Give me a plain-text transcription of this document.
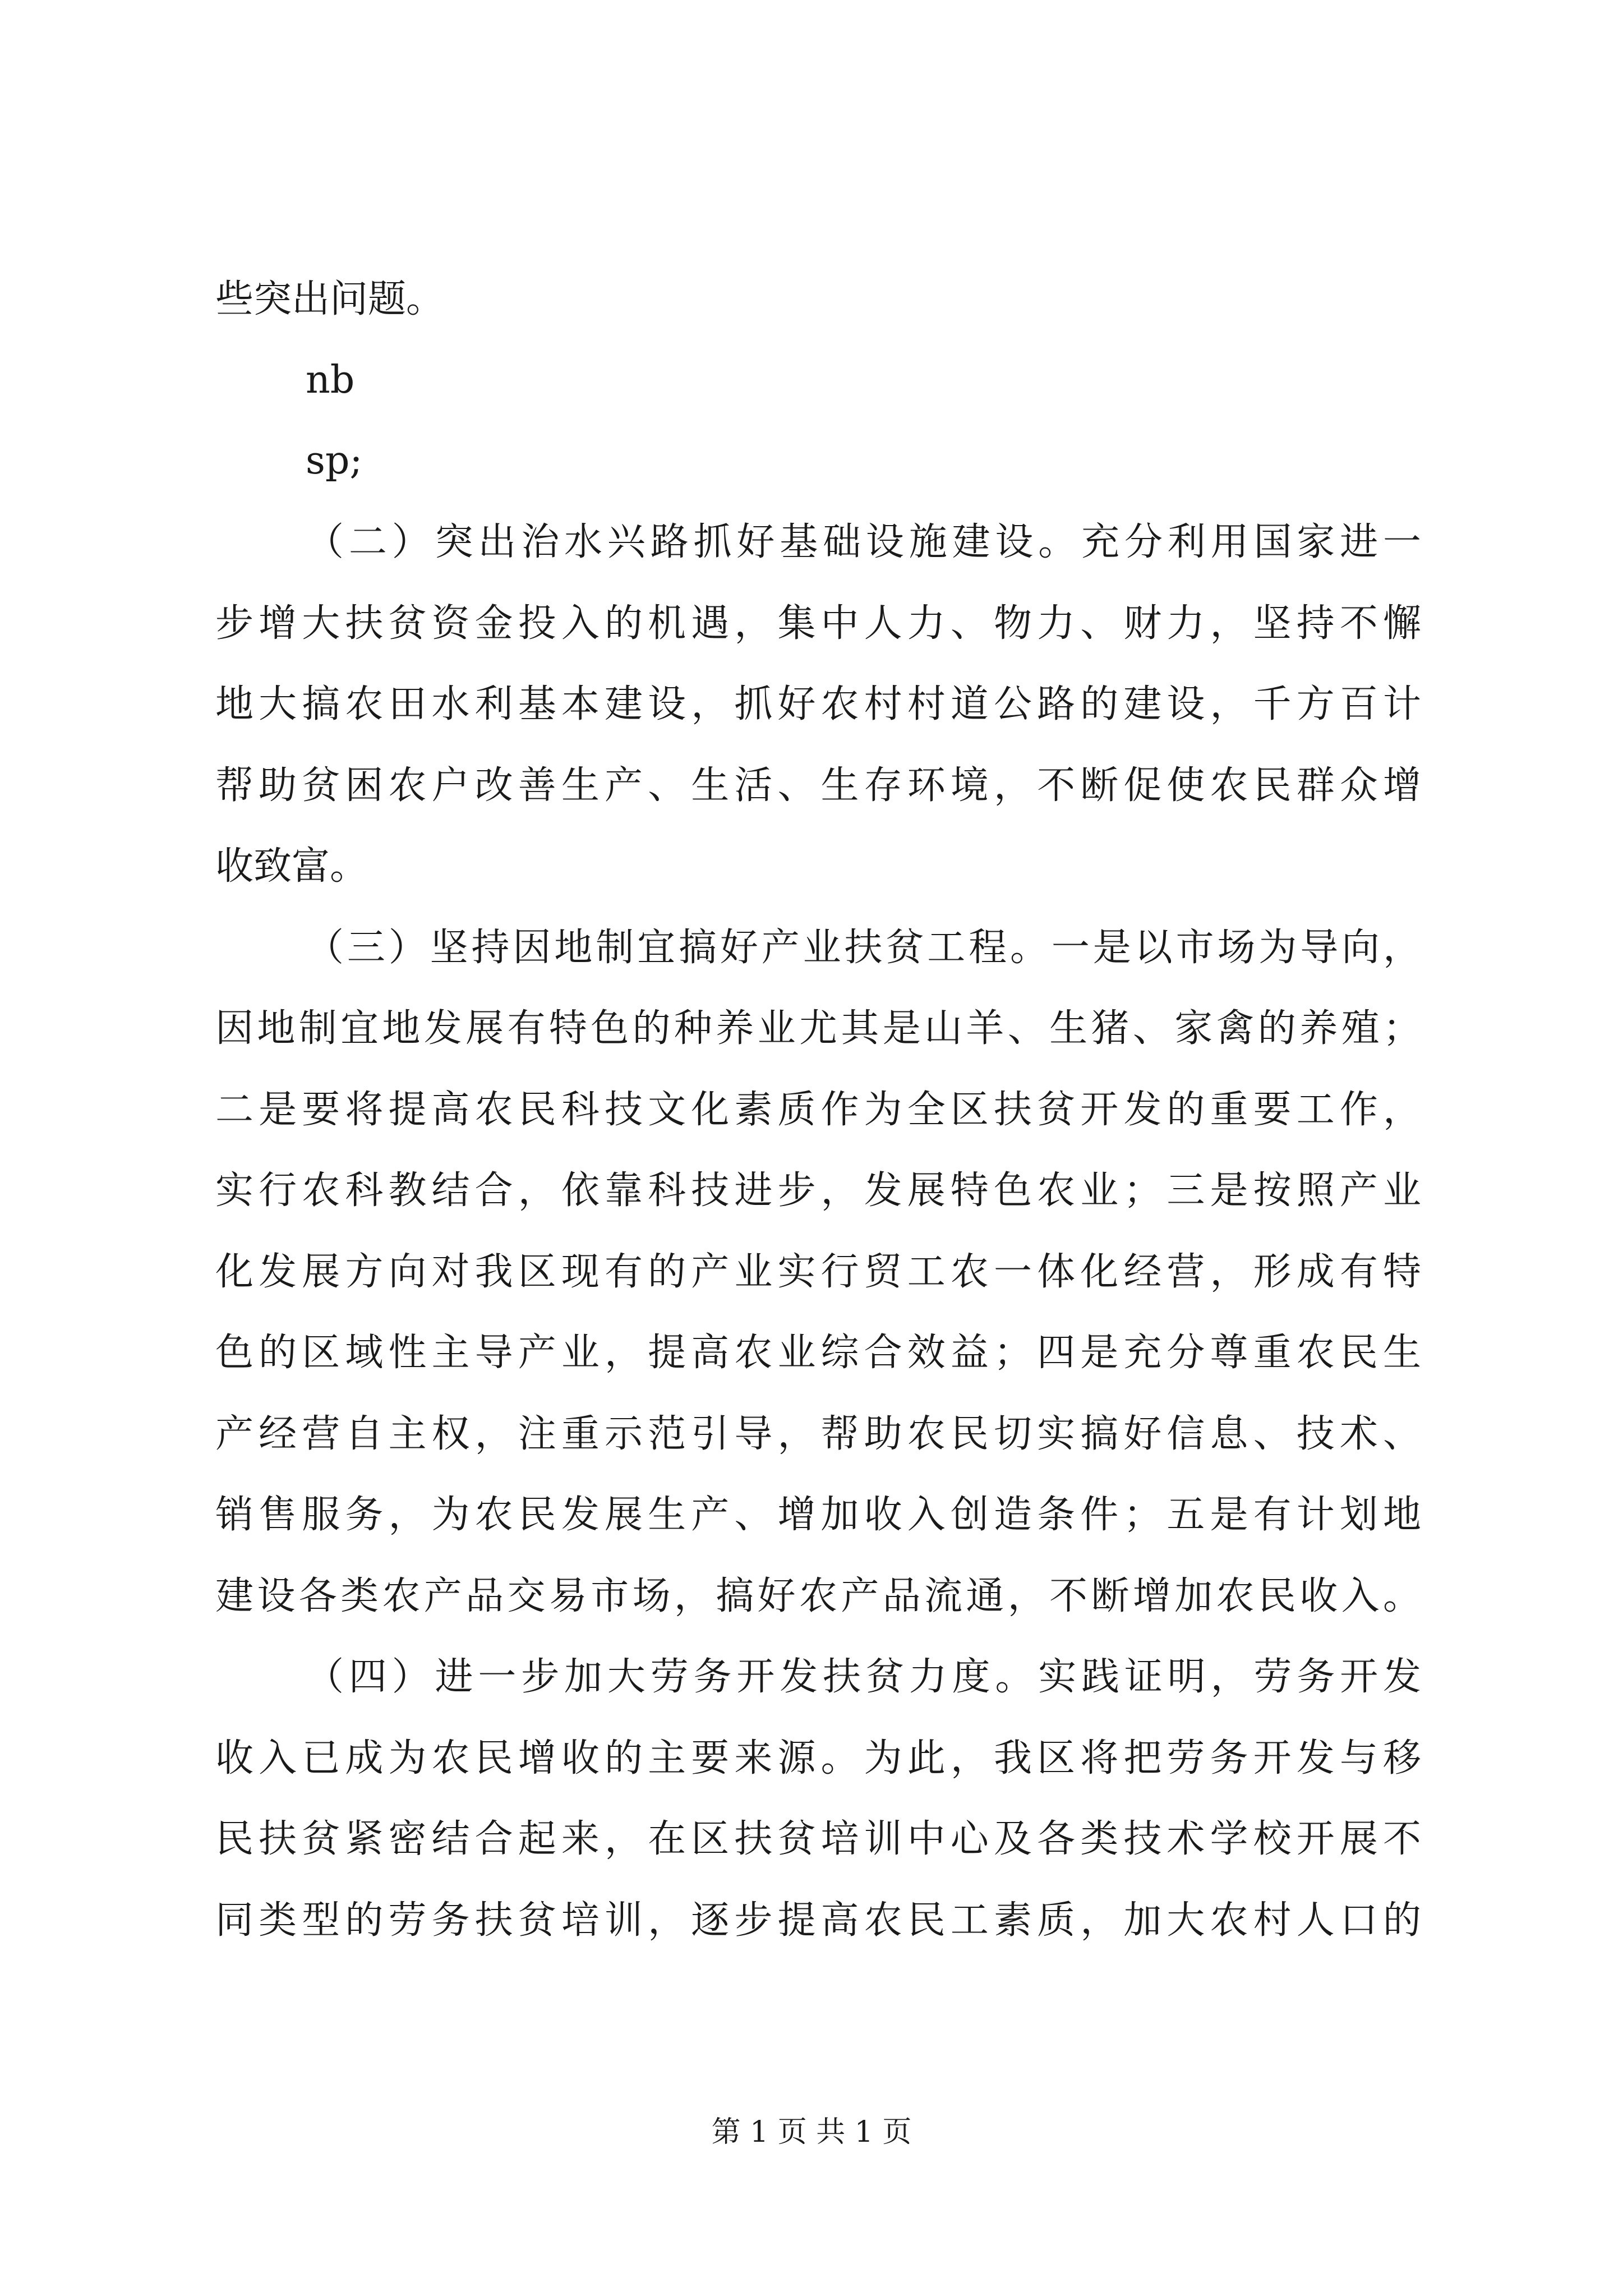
些突出问题。
nb
sp;
（二）突出治水兴路抓好基础设施建设。充分利用国家进一
步增大扶贫资金投入的机遇，集中人力、物力、财力，坚持不懈
地大搞农田水利基本建设，抓好农村村道公路的建设，千方百计
帮助贫困农户改善生产、生活、生存环境，不断促使农民群众增
收致富。
（三）坚持因地制宜搞好产业扶贫工程。一是以市场为导向，
因地制宜地发展有特色的种养业尤其是山羊、生猪、家禽的养殖；
二是要将提高农民科技文化素质作为全区扶贫开发的重要工作，
实行农科教结合，依靠科技进步，发展特色农业；三是按照产业
化发展方向对我区现有的产业实行贸工农一体化经营，形成有特
色的区域性主导产业，提高农业综合效益；四是充分尊重农民生
产经营自主权，注重示范引导，帮助农民切实搞好信息、技术、
销售服务，为农民发展生产、增加收入创造条件；五是有计划地
建设各类农产品交易市场，搞好农产品流通，不断增加农民收入。
（四）进一步加大劳务开发扶贫力度。实践证明，劳务开发
收入已成为农民增收的主要来源。为此，我区将把劳务开发与移
民扶贫紧密结合起来，在区扶贫培训中心及各类技术学校开展不
同类型的劳务扶贫培训，逐步提高农民工素质，加大农村人口的
第 1 页 共 1 页
